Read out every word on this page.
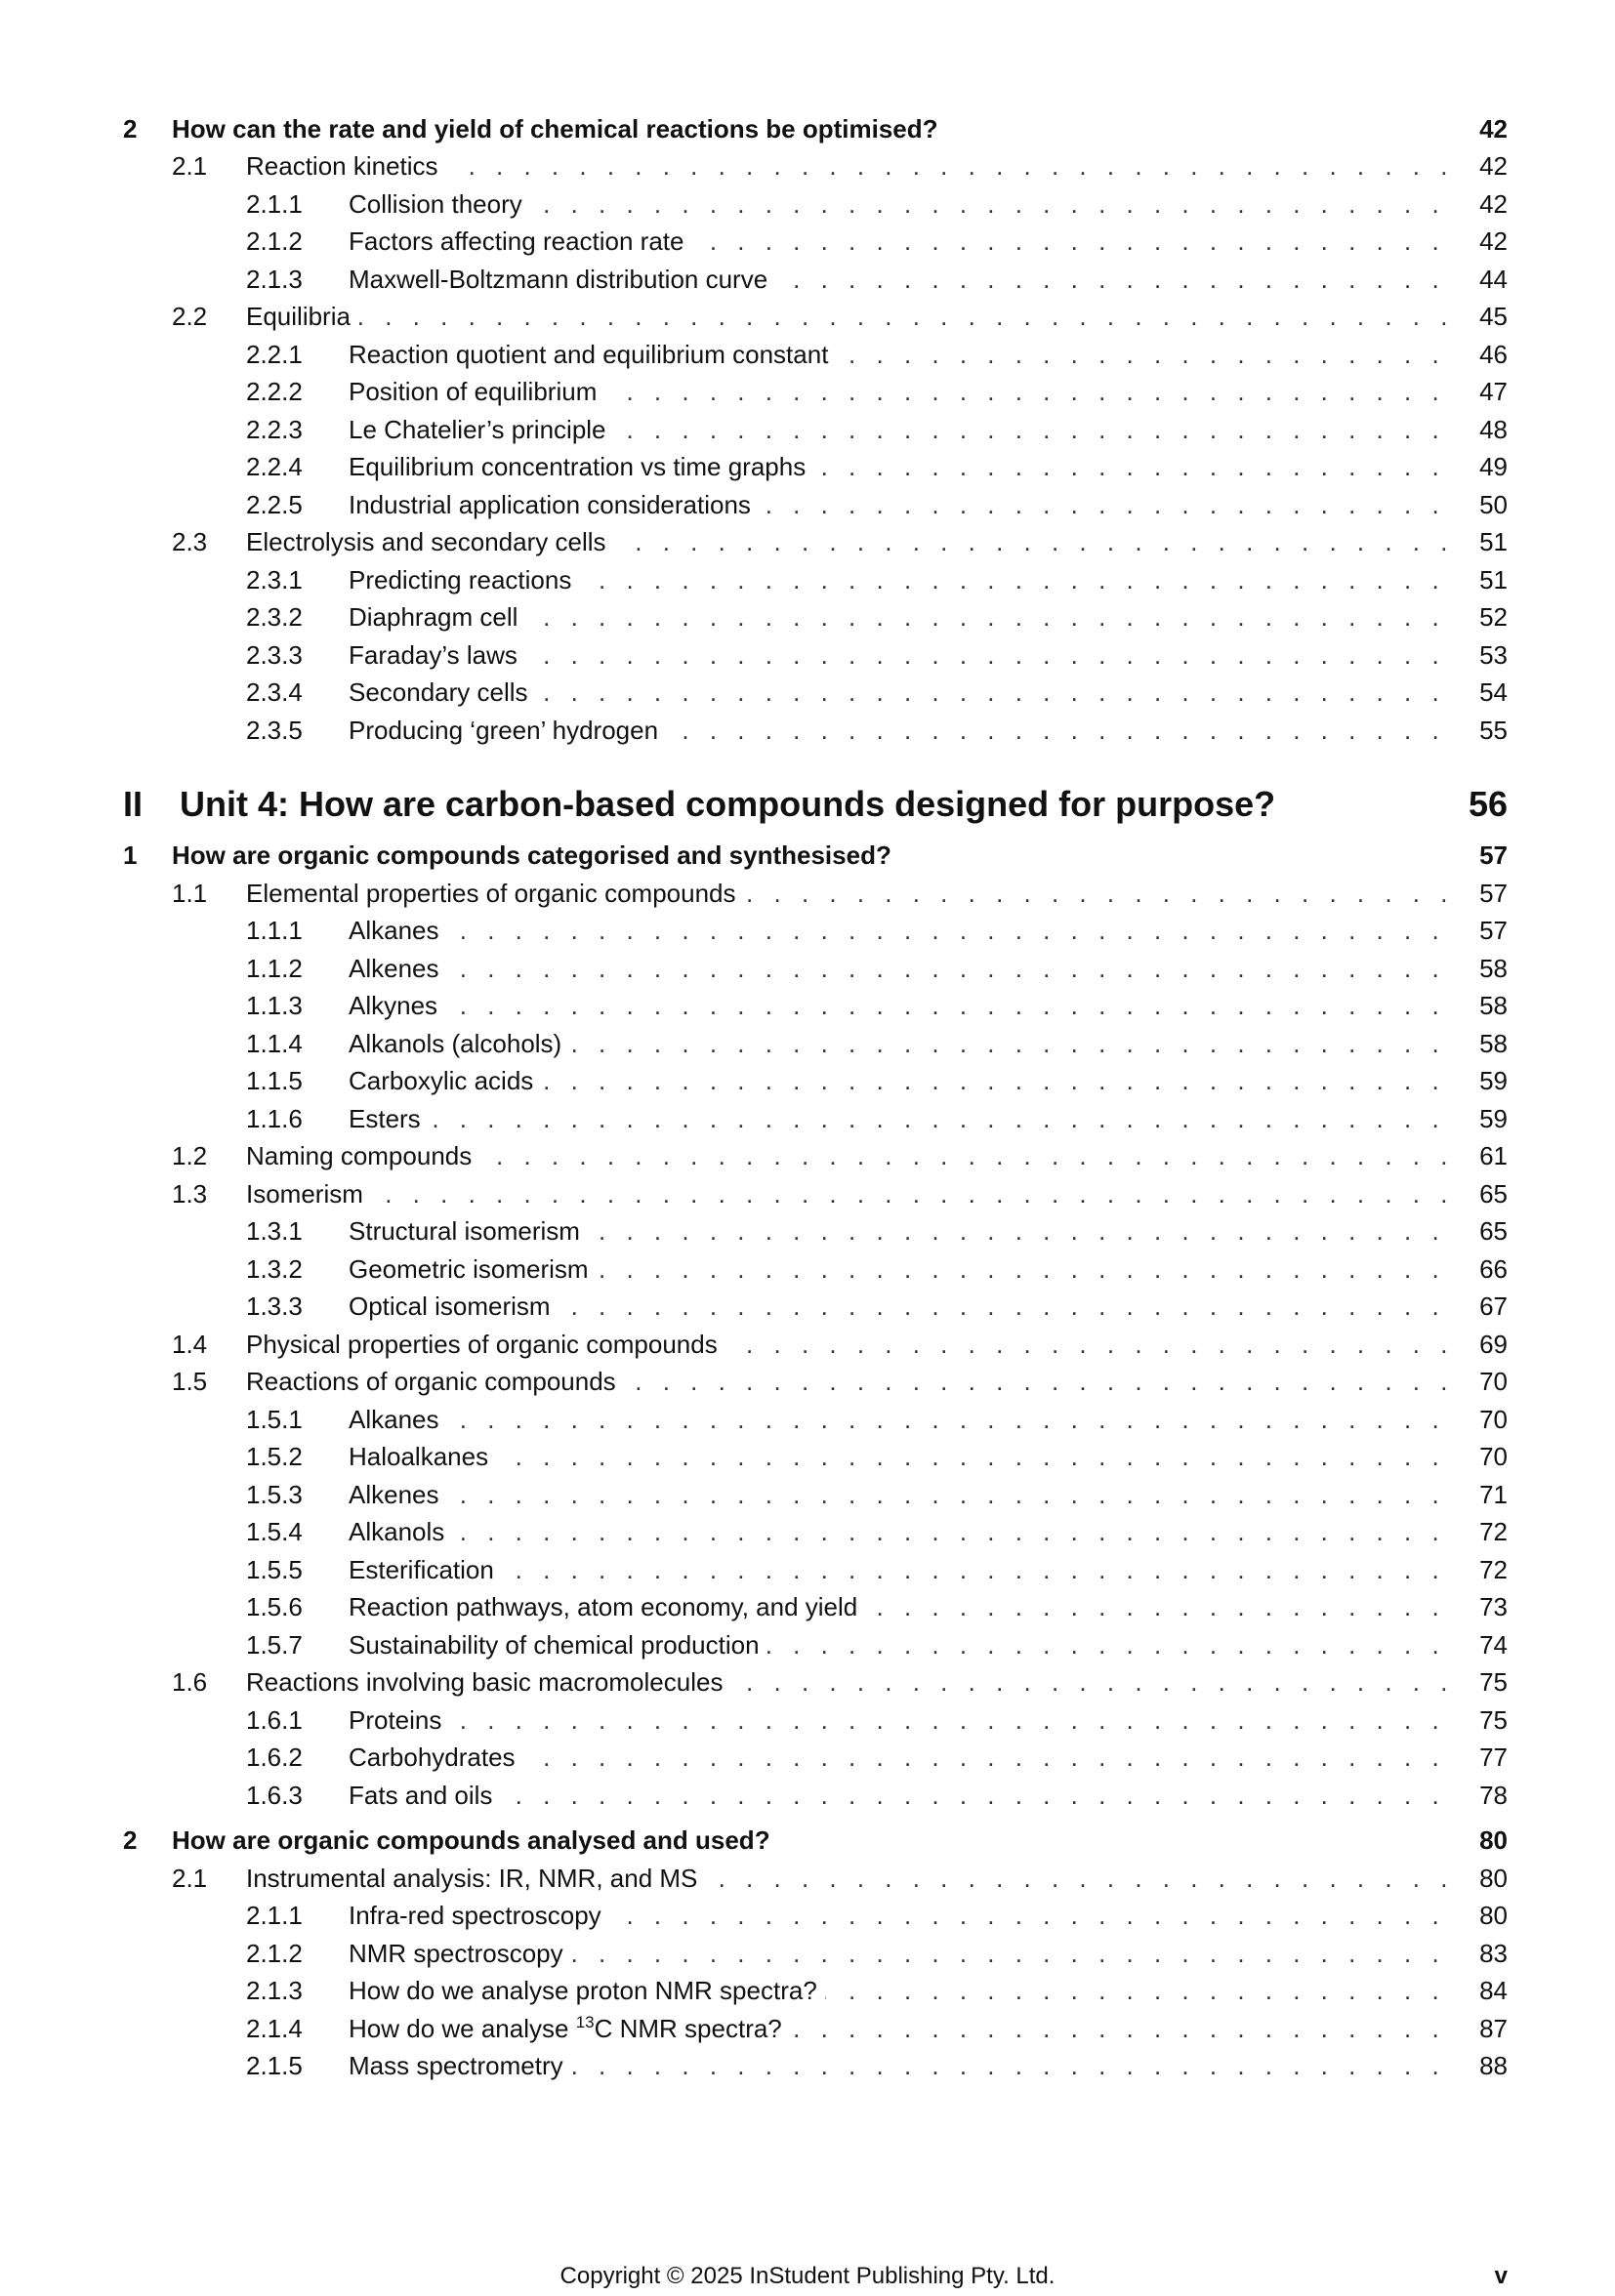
2 How can the rate and yield of chemical reactions be optimised?	42
. . .
2.1 Reaction kinetics	42
. . .
2.1.1 Collision theory	42
. . .
2.1.2 Factors affecting reaction rate	42
. . .
2.1.3 Maxwell-Boltzmann distribution curve	44
. . .
2.2 Equilibria	45
. . .
2.2.1 Reaction quotient and equilibrium constant	46
. . .
2.2.2 Position of equilibrium	47
. . .
2.2.3 Le Chatelier’s principle	48
. . .
2.2.4 Equilibrium concentration vs time graphs	49
. . .
2.2.5 Industrial application considerations	50
. . .
2.3 Electrolysis and secondary cells	51
. . .
2.3.1 Predicting reactions	51
. . .
2.3.2 Diaphragm cell	52
. . .
2.3.3 Faraday’s laws	53
. . .
2.3.4 Secondary cells	54
. . .
2.3.5 Producing ‘green’ hydrogen	55
II Unit 4: How are carbon-based compounds designed for purpose?	56
1 How are organic compounds categorised and synthesised?	57
. . .
1.1 Elemental properties of organic compounds	57
. . .
1.1.1 Alkanes	57
. . .
1.1.2 Alkenes	58
. . .
1.1.3 Alkynes	58
. . .
1.1.4 Alkanols (alcohols)	58
. . .
1.1.5 Carboxylic acids	59
. . .
1.1.6 Esters	59
. . .
1.2 Naming compounds	61
. . .
1.3 Isomerism	65
. . .
1.3.1 Structural isomerism	65
. . .
1.3.2 Geometric isomerism	66
. . .
1.3.3 Optical isomerism	67
. . .
1.4 Physical properties of organic compounds	69
. . .
1.5 Reactions of organic compounds	70
. . .
1.5.1 Alkanes	70
. . .
1.5.2 Haloalkanes	70
. . .
1.5.3 Alkenes	71
. . .
1.5.4 Alkanols	72
. . .
1.5.5 Esterification	72
. . .
1.5.6 Reaction pathways, atom economy, and yield	73
. . .
1.5.7 Sustainability of chemical production	74
. . .
1.6 Reactions involving basic macromolecules	75
. . .
1.6.1 Proteins	75
. . .
1.6.2 Carbohydrates	77
. . .
1.6.3 Fats and oils	78
2 How are organic compounds analysed and used?	80
. . .
2.1 Instrumental analysis: IR, NMR, and MS	80
. . .
2.1.1 Infra-red spectroscopy	80
. . .
2.1.2 NMR spectroscopy	83
. . .
2.1.3 How do we analyse proton NMR spectra?	84
. . .
2.1.4 How do we analyse $^{13}$C NMR spectra?	87
. . .
2.1.5 Mass spectrometry	88
Copyright © 2025 InStudent Publishing Pty. Ltd.	v
